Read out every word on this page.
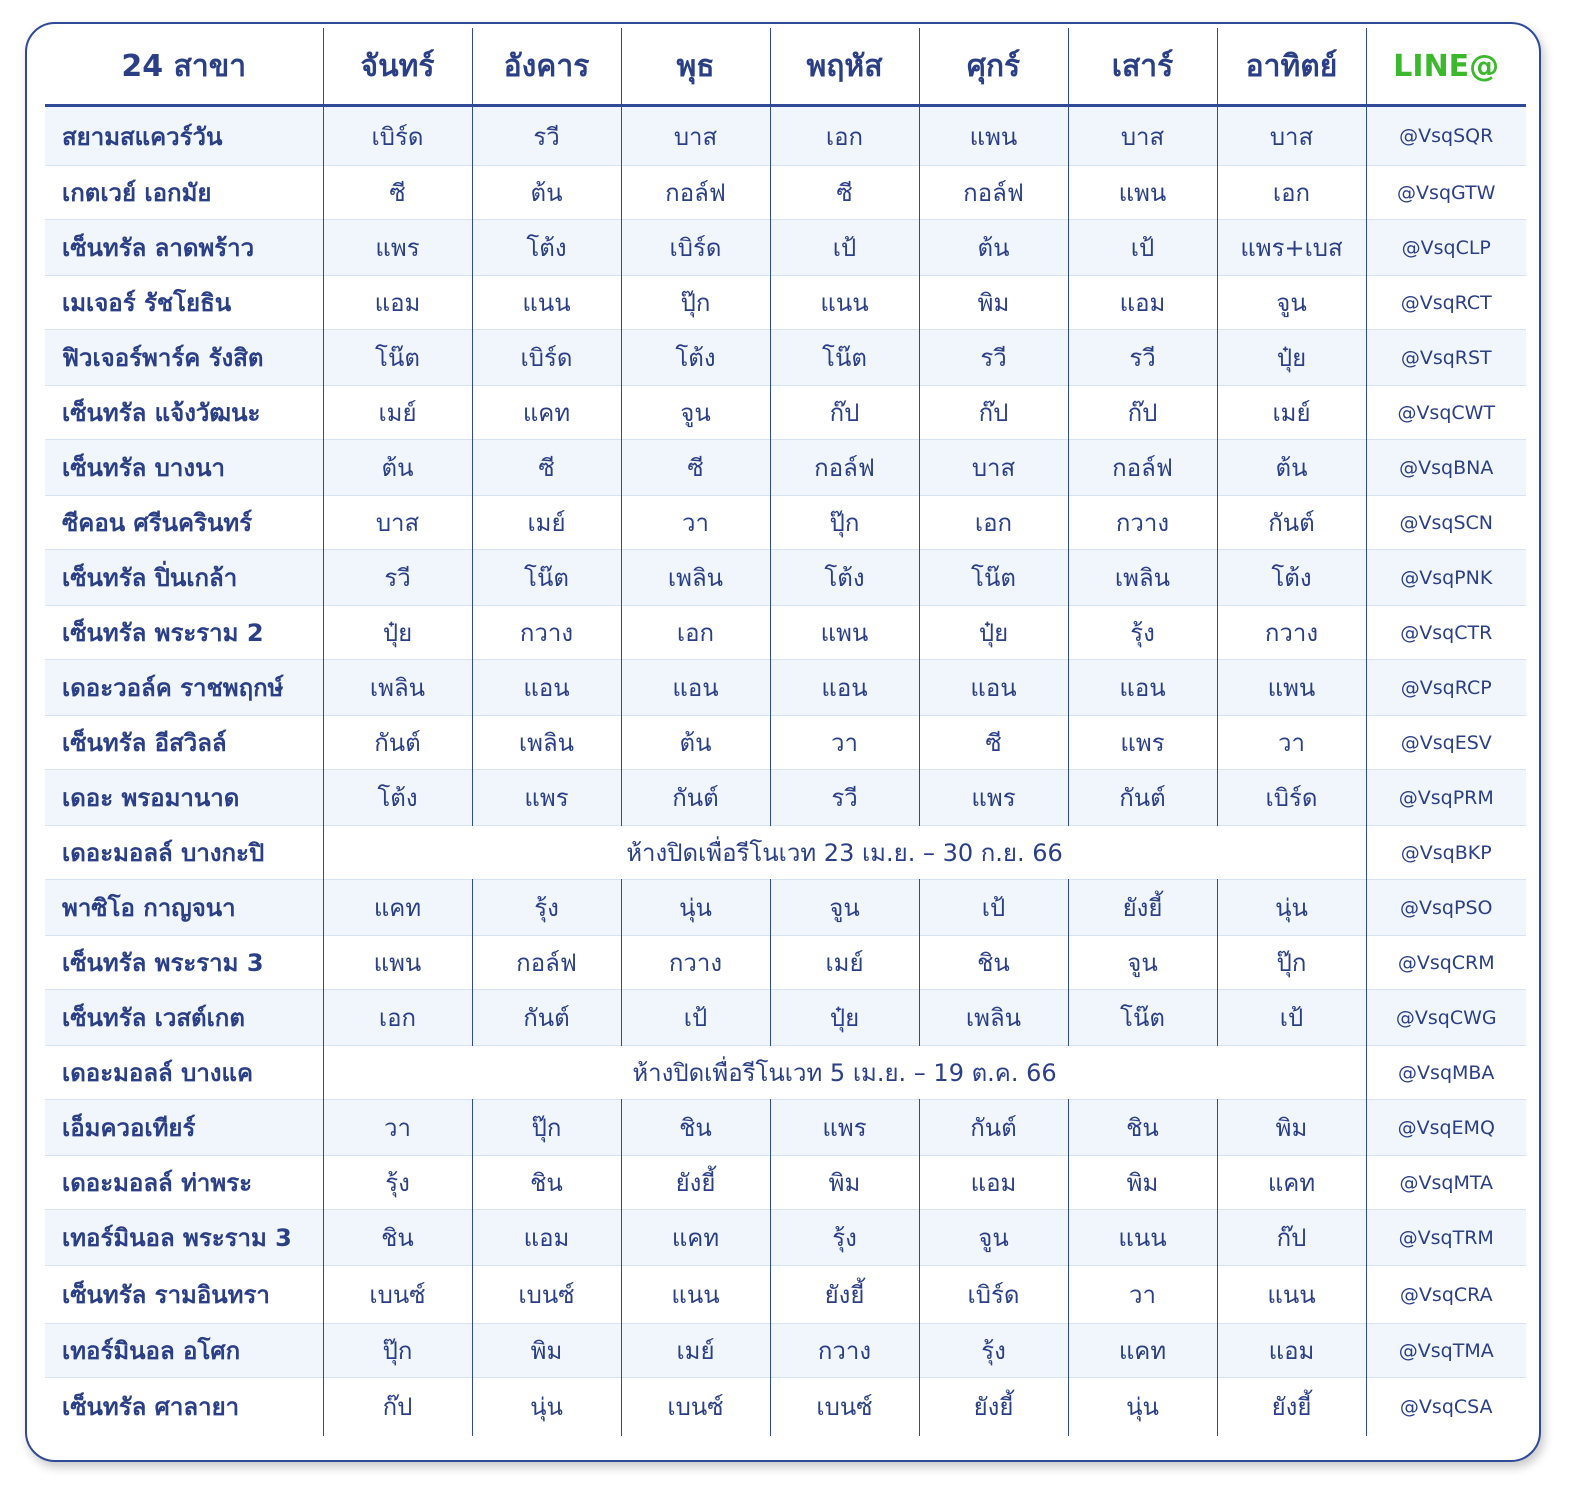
24 สาขา	จันทร์	อังคาร	พุธ	พฤหัส	ศุกร์	เสาร์	อาทิตย์	LINE@
สยามสแควร์วัน	เบิร์ด	รวี	บาส	เอก	แพน	บาส	บาส	@VsqSQR
เกตเวย์ เอกมัย	ซี	ต้น	กอล์ฟ	ซี	กอล์ฟ	แพน	เอก	@VsqGTW
เซ็นทรัล ลาดพร้าว	แพร	โต้ง	เบิร์ด	เป้	ต้น	เป้	แพร+เบส	@VsqCLP
เมเจอร์ รัชโยธิน	แอม	แนน	ปุ๊ก	แนน	พิม	แอม	จูน	@VsqRCT
ฟิวเจอร์พาร์ค รังสิต	โน๊ต	เบิร์ด	โต้ง	โน๊ต	รวี	รวี	ปุ๋ย	@VsqRST
เซ็นทรัล แจ้งวัฒนะ	เมย์	แคท	จูน	ก๊ป	ก๊ป	ก๊ป	เมย์	@VsqCWT
เซ็นทรัล บางนา	ต้น	ซี	ซี	กอล์ฟ	บาส	กอล์ฟ	ต้น	@VsqBNA
ซีคอน ศรีนครินทร์	บาส	เมย์	วา	ปุ๊ก	เอก	กวาง	กันต์	@VsqSCN
เซ็นทรัล ปิ่นเกล้า	รวี	โน๊ต	เพลิน	โต้ง	โน๊ต	เพลิน	โต้ง	@VsqPNK
เซ็นทรัล พระราม 2	ปุ๋ย	กวาง	เอก	แพน	ปุ๋ย	รุ้ง	กวาง	@VsqCTR
เดอะวอล์ค ราชพฤกษ์	เพลิน	แอน	แอน	แอน	แอน	แอน	แพน	@VsqRCP
เซ็นทรัล อีสวิลล์	กันต์	เพลิน	ต้น	วา	ซี	แพร	วา	@VsqESV
เดอะ พรอมานาด	โต้ง	แพร	กันต์	รวี	แพร	กันต์	เบิร์ด	@VsqPRM
เดอะมอลล์ บางกะปิ	ห้างปิดเพื่อรีโนเวท 23 เม.ย. – 30 ก.ย. 66							@VsqBKP
พาซิโอ กาญจนา	แคท	รุ้ง	นุ่น	จูน	เป้	ยังยี้	นุ่น	@VsqPSO
เซ็นทรัล พระราม 3	แพน	กอล์ฟ	กวาง	เมย์	ชิน	จูน	ปุ๊ก	@VsqCRM
เซ็นทรัล เวสต์เกต	เอก	กันต์	เป้	ปุ๋ย	เพลิน	โน๊ต	เป้	@VsqCWG
เดอะมอลล์ บางแค	ห้างปิดเพื่อรีโนเวท 5 เม.ย. – 19 ต.ค. 66							@VsqMBA
เอ็มควอเทียร์	วา	ปุ๊ก	ชิน	แพร	กันต์	ชิน	พิม	@VsqEMQ
เดอะมอลล์ ท่าพระ	รุ้ง	ชิน	ยังยี้	พิม	แอม	พิม	แคท	@VsqMTA
เทอร์มินอล พระราม 3	ชิน	แอม	แคท	รุ้ง	จูน	แนน	ก๊ป	@VsqTRM
เซ็นทรัล รามอินทรา	เบนซ์	เบนซ์	แนน	ยังยี้	เบิร์ด	วา	แนน	@VsqCRA
เทอร์มินอล อโศก	ปุ๊ก	พิม	เมย์	กวาง	รุ้ง	แคท	แอม	@VsqTMA
เซ็นทรัล ศาลายา	ก๊ป	นุ่น	เบนซ์	เบนซ์	ยังยี้	นุ่น	ยังยี้	@VsqCSA
